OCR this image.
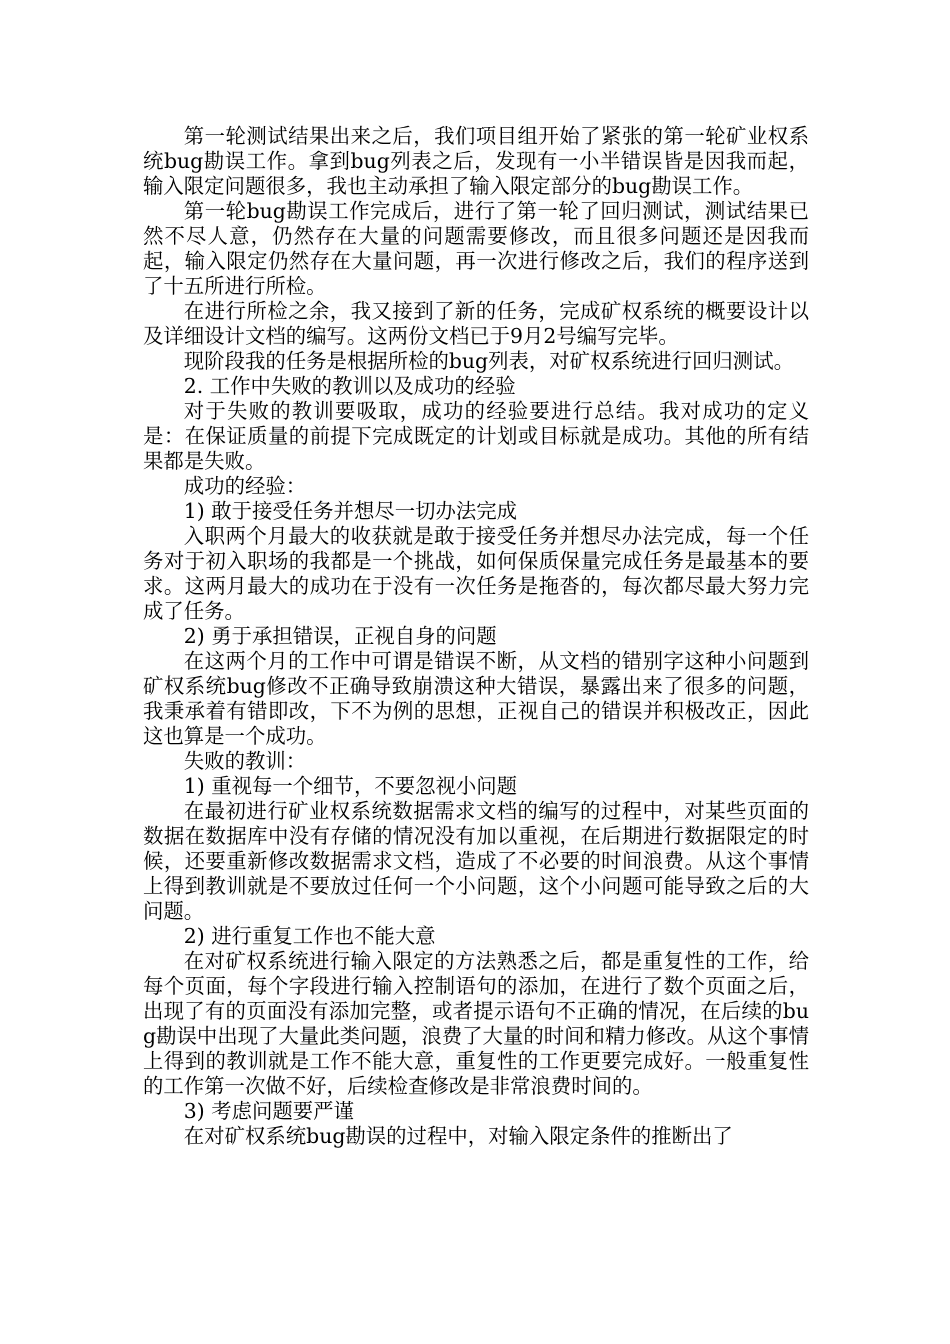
第一轮测试结果出来之后，我们项目组开始了紧张的第一轮矿业权系统bug勘误工作。拿到bug列表之后，发现有一小半错误皆是因我而起，输入限定问题很多，我也主动承担了输入限定部分的bug勘误工作。

第一轮bug勘误工作完成后，进行了第一轮了回归测试，测试结果已然不尽人意，仍然存在大量的问题需要修改，而且很多问题还是因我而起，输入限定仍然存在大量问题，再一次进行修改之后，我们的程序送到了十五所进行所检。

在进行所检之余，我又接到了新的任务，完成矿权系统的概要设计以及详细设计文档的编写。这两份文档已于9月2号编写完毕。

现阶段我的任务是根据所检的bug列表，对矿权系统进行回归测试。

2. 工作中失败的教训以及成功的经验

对于失败的教训要吸取，成功的经验要进行总结。我对成功的定义是：在保证质量的前提下完成既定的计划或目标就是成功。其他的所有结果都是失败。

成功的经验：

1) 敢于接受任务并想尽一切办法完成

入职两个月最大的收获就是敢于接受任务并想尽办法完成，每一个任务对于初入职场的我都是一个挑战，如何保质保量完成任务是最基本的要求。这两月最大的成功在于没有一次任务是拖沓的，每次都尽最大努力完成了任务。

2) 勇于承担错误，正视自身的问题

在这两个月的工作中可谓是错误不断，从文档的错别字这种小问题到矿权系统bug修改不正确导致崩溃这种大错误，暴露出来了很多的问题，我秉承着有错即改，下不为例的思想，正视自己的错误并积极改正，因此这也算是一个成功。

失败的教训：

1) 重视每一个细节，不要忽视小问题

在最初进行矿业权系统数据需求文档的编写的过程中，对某些页面的数据在数据库中没有存储的情况没有加以重视，在后期进行数据限定的时候，还要重新修改数据需求文档，造成了不必要的时间浪费。从这个事情上得到教训就是不要放过任何一个小问题，这个小问题可能导致之后的大问题。

2) 进行重复工作也不能大意

在对矿权系统进行输入限定的方法熟悉之后，都是重复性的工作，给每个页面，每个字段进行输入控制语句的添加，在进行了数个页面之后，出现了有的页面没有添加完整，或者提示语句不正确的情况，在后续的bug勘误中出现了大量此类问题，浪费了大量的时间和精力修改。从这个事情上得到的教训就是工作不能大意，重复性的工作更要完成好。一般重复性的工作第一次做不好，后续检查修改是非常浪费时间的。

3) 考虑问题要严谨

在对矿权系统bug勘误的过程中，对输入限定条件的推断出了
